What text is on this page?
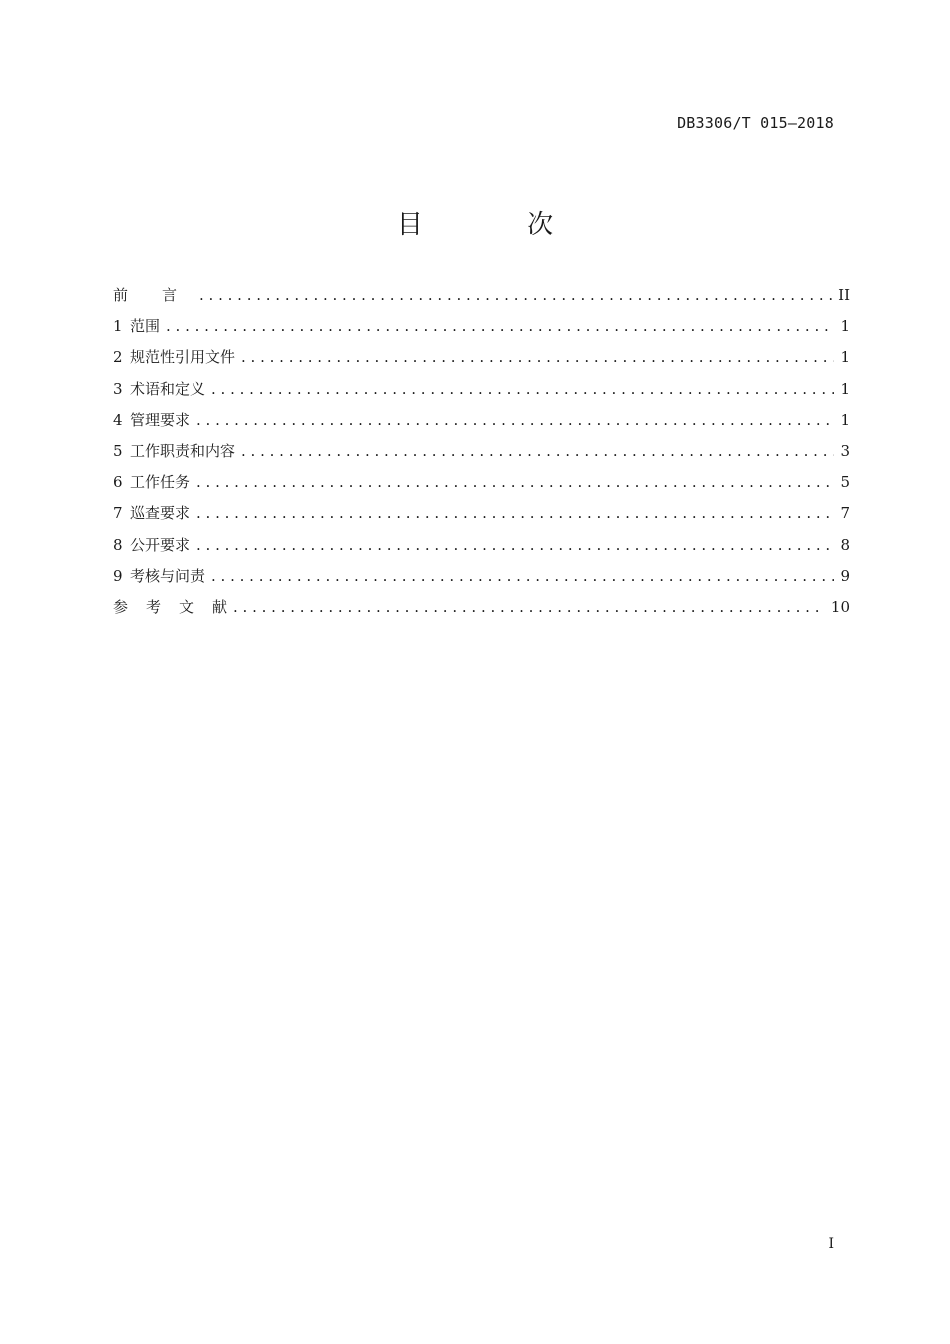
DB3306/T 015—2018
目 次
前言 . . .	II
1 范围 . . .	1
2 规范性引用文件 . . .	1
3 术语和定义 . . .	1
4 管理要求 . . .	1
5 工作职责和内容 . . .	3
6 工作任务 . . .	5
7 巡查要求 . . .	7
8 公开要求 . . .	8
9 考核与问责 . . .	9
参考文献 . . .	10
I
